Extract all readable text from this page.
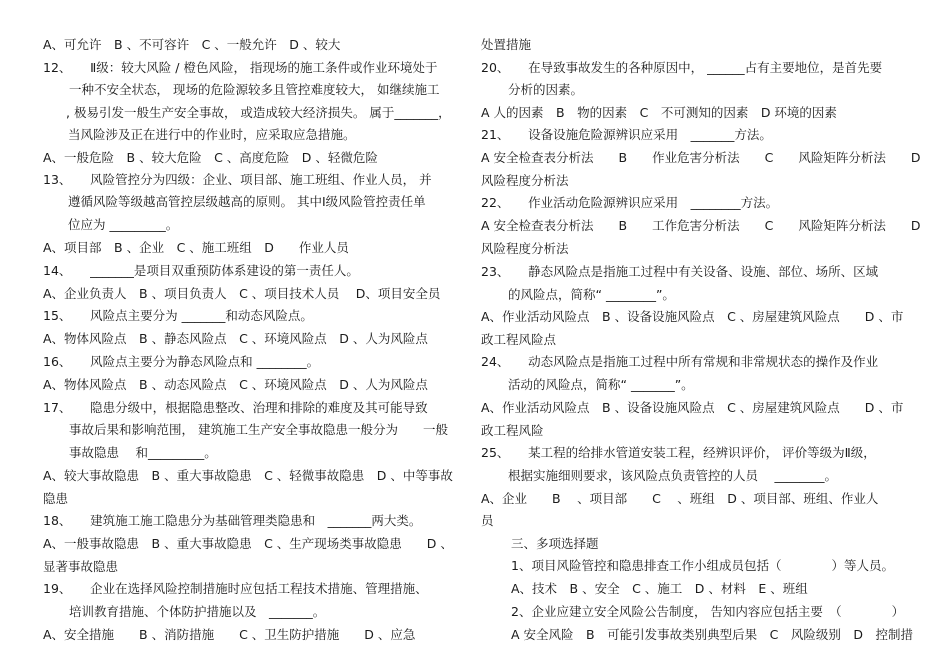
A、可允许　B 、不可容许　C 、一般允许　D 、较大
12、　　Ⅱ级：较大风险 / 橙色风险， 指现场的施工条件或作业环境处于
一种不安全状态， 现场的危险源较多且管控难度较大， 如继续施工
, 极易引发一般生产安全事故， 或造成较大经济损失。 属于_______，
当风险涉及正在进行中的作业时，应采取应急措施。
A、一般危险　B 、较大危险　C 、高度危险　D 、轻微危险
13、　　风险管控分为四级：企业、项目部、施工班组、作业人员， 并
遵循风险等级越高管控层级越高的原则。 其中Ⅰ级风险管控责任单
位应为 _________。
A、项目部　B 、企业　C 、施工班组　D　　作业人员
14、　　_______是项目双重预防体系建设的第一责任人。
A、企业负责人　B 、项目负责人　C 、项目技术人员　 D、项目安全员
15、　　风险点主要分为 _______和动态风险点。
A、物体风险点　B 、静态风险点　C 、环境风险点　D 、人为风险点
16、　　风险点主要分为静态风险点和 ________。
A、物体风险点　B 、动态风险点　C 、环境风险点　D 、人为风险点
17、　　隐患分级中，根据隐患整改、治理和排除的难度及其可能导致
事故后果和影响范围， 建筑施工生产安全事故隐患一般分为　　一般
事故隐患　 和_________。
A、较大事故隐患　B 、重大事故隐患　C 、轻微事故隐患　D 、中等事故
隐患
18、　　建筑施工施工隐患分为基础管理类隐患和　_______两大类。
A、一般事故隐患　B 、重大事故隐患　C 、生产现场类事故隐患　　D 、
显著事故隐患
19、　　企业在选择风险控制措施时应包括工程技术措施、管理措施、
培训教育措施、个体防护措施以及　_______。
A、安全措施　　B 、消防措施　　C 、卫生防护措施　　D 、应急
处置措施
20、　　在导致事故发生的各种原因中， ______占有主要地位，是首先要
分析的因素。
A 人的因素　B　物的因素　C　不可测知的因素　D 环境的因素
21、　　设备设施危险源辨识应采用　_______方法。
A 安全检查表分析法　　B　　作业危害分析法　　C　　风险矩阵分析法　　D
风险程度分析法
22、　　作业活动危险源辨识应采用　________方法。
A 安全检查表分析法　　B　　工作危害分析法　　C　　风险矩阵分析法　　D
风险程度分析法
23、　　静态风险点是指施工过程中有关设备、设施、部位、场所、区域
的风险点，简称“ ________”。
A、作业活动风险点　B 、设备设施风险点　C 、房屋建筑风险点　　D 、市
政工程风险点
24、　　动态风险点是指施工过程中所有常规和非常规状态的操作及作业
活动的风险点，简称“ _______”。
A、作业活动风险点　B 、设备设施风险点　C 、房屋建筑风险点　　D 、市
政工程风险
25、　　某工程的给排水管道安装工程，经辨识评价， 评价等级为Ⅱ级，
根据实施细则要求，该风险点负责管控的人员　 ________。
A、企业　　B　 、项目部　　C　 、班组　D 、项目部、班组、作业人
员
三、多项选择题
1、项目风险管控和隐患排查工作小组成员包括（　　　　）等人员。
A、技术　B 、安全　C 、施工　D 、材料　E 、班组
2、企业应建立安全风险公告制度， 告知内容应包括主要　（　　　　）
A 安全风险　B　可能引发事故类别典型后果　C　风险级别　D　控制措
